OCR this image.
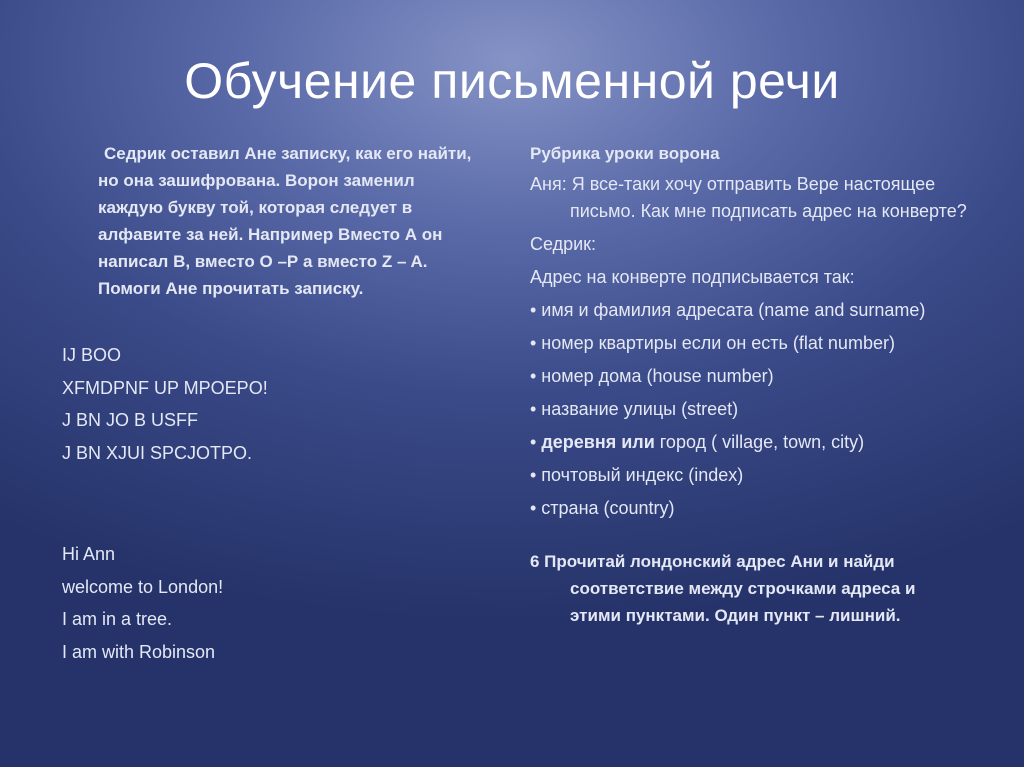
Обучение письменной речи

Седрик оставил Ане записку, как его найти, но она зашифрована. Ворон заменил каждую букву той, которая следует в алфавите за ней. Например Вместо А он написал В, вместо О –Р а вместо Z – A. Помоги Ане прочитать записку.

IJ BOO
XFMDPNF UP MPOEPO!
J BN JO B USFF
J BN XJUI SPCJOTPO.
Hi Ann
welcome to London!
I am in a tree.
I am with Robinson
Рубрика уроки ворона
Аня: Я все-таки хочу отправить Вере настоящее письмо. Как мне подписать адрес на конверте?
Седрик:
Адрес на конверте подписывается так:
• имя и фамилия адресата (name and surname)
• номер квартиры если он есть (flat number)
• номер дома (house number)
• название улицы (street)
• деревня или город ( village, town, city)
• почтовый индекс (index)
• страна (country)
6 Прочитай лондонский адрес Ани и найди соответствие между строчками адреса и этими пунктами. Один пункт – лишний.
